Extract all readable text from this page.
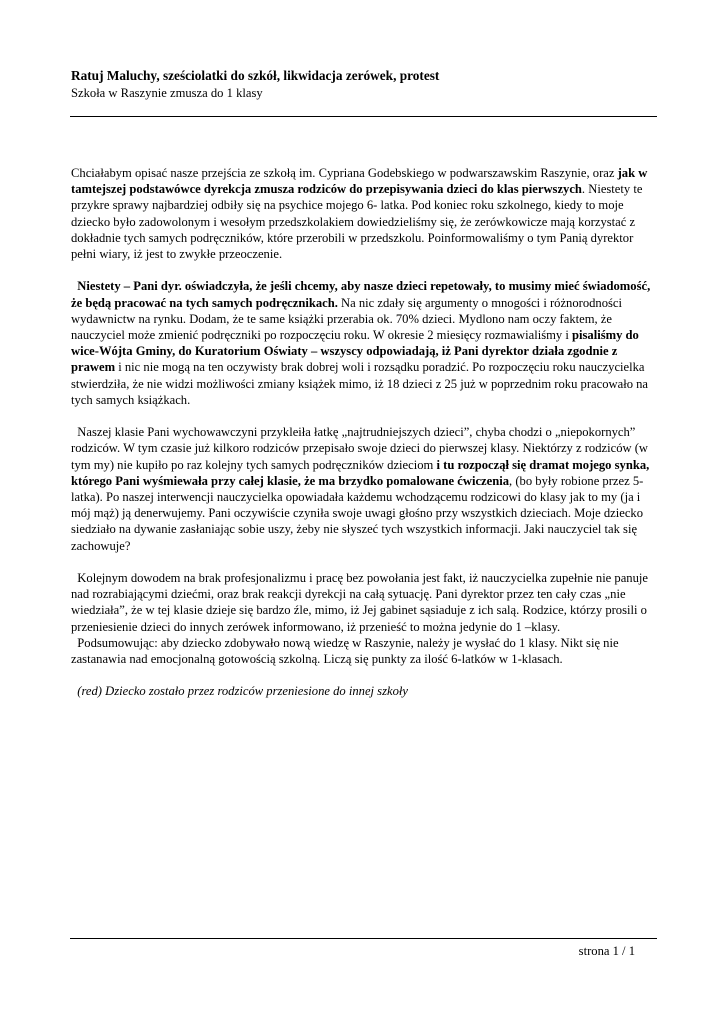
Ratuj Maluchy, sześciolatki do szkół, likwidacja zerówek, protest
Szkoła w Raszynie zmusza do 1 klasy

Chciałabym opisać nasze przejścia ze szkołą im. Cypriana Godebskiego w podwarszawskim Raszynie, oraz jak w tamtejszej podstawówce dyrekcja zmusza rodziców do przepisywania dzieci do klas pierwszych. Niestety te przykre sprawy najbardziej odbiły się na psychice mojego 6- latka. Pod koniec roku szkolnego, kiedy to moje dziecko było zadowolonym i wesołym przedszkolakiem dowiedzieliśmy się, że zerówkowicze mają korzystać z dokładnie tych samych podręczników, które przerobili w przedszkolu. Poinformowaliśmy o tym Panią dyrektor pełni wiary, iż jest to zwykłe przeoczenie.

Niestety – Pani dyr. oświadczyła, że jeśli chcemy, aby nasze dzieci repetowały, to musimy mieć świadomość, że będą pracować na tych samych podręcznikach. Na nic zdały się argumenty o mnogości i różnorodności wydawnictw na rynku. Dodam, że te same książki przerabia ok. 70% dzieci. Mydlono nam oczy faktem, że nauczyciel może zmienić podręczniki po rozpoczęciu roku. W okresie 2 miesięcy rozmawialiśmy i pisaliśmy do wice-Wójta Gminy, do Kuratorium Oświaty – wszyscy odpowiadają, iż Pani dyrektor działa zgodnie z prawem i nic nie mogą na ten oczywisty brak dobrej woli i rozsądku poradzić. Po rozpoczęciu roku nauczycielka stwierdziła, że nie widzi możliwości zmiany książek mimo, iż 18 dzieci z 25 już w poprzednim roku pracowało na tych samych książkach.

Naszej klasie Pani wychowawczyni przykleiła łatkę „najtrudniejszych dzieci”, chyba chodzi o „niepokornych” rodziców. W tym czasie już kilkoro rodziców przepisało swoje dzieci do pierwszej klasy. Niektórzy z rodziców (w tym my) nie kupiło po raz kolejny tych samych podręczników dzieciom i tu rozpoczął się dramat mojego synka, którego Pani wyśmiewała przy całej klasie, że ma brzydko pomalowane ćwiczenia, (bo były robione przez 5-latka). Po naszej interwencji nauczycielka opowiadała każdemu wchodzącemu rodzicowi do klasy jak to my (ja i mój mąż) ją denerwujemy. Pani oczywiście czyniła swoje uwagi głośno przy wszystkich dzieciach. Moje dziecko siedziało na dywanie zasłaniając sobie uszy, żeby nie słyszeć tych wszystkich informacji. Jaki nauczyciel tak się zachowuje?

Kolejnym dowodem na brak profesjonalizmu i pracę bez powołania jest fakt, iż nauczycielka zupełnie nie panuje nad rozrabiającymi dziećmi, oraz brak reakcji dyrekcji na całą sytuację. Pani dyrektor przez ten cały czas „nie wiedziała”, że w tej klasie dzieje się bardzo źle, mimo, iż Jej gabinet sąsiaduje z ich salą. Rodzice, którzy prosili o przeniesienie dzieci do innych zerówek informowano, iż przenieść to można jedynie do 1 –klasy.

Podsumowując: aby dziecko zdobywało nową wiedzę w Raszynie, należy je wysłać do 1 klasy. Nikt się nie zastanawia nad emocjonalną gotowością szkolną. Liczą się punkty za ilość 6-latków w 1-klasach.

(red) Dziecko zostało przez rodziców przeniesione do innej szkoły

strona 1 / 1
